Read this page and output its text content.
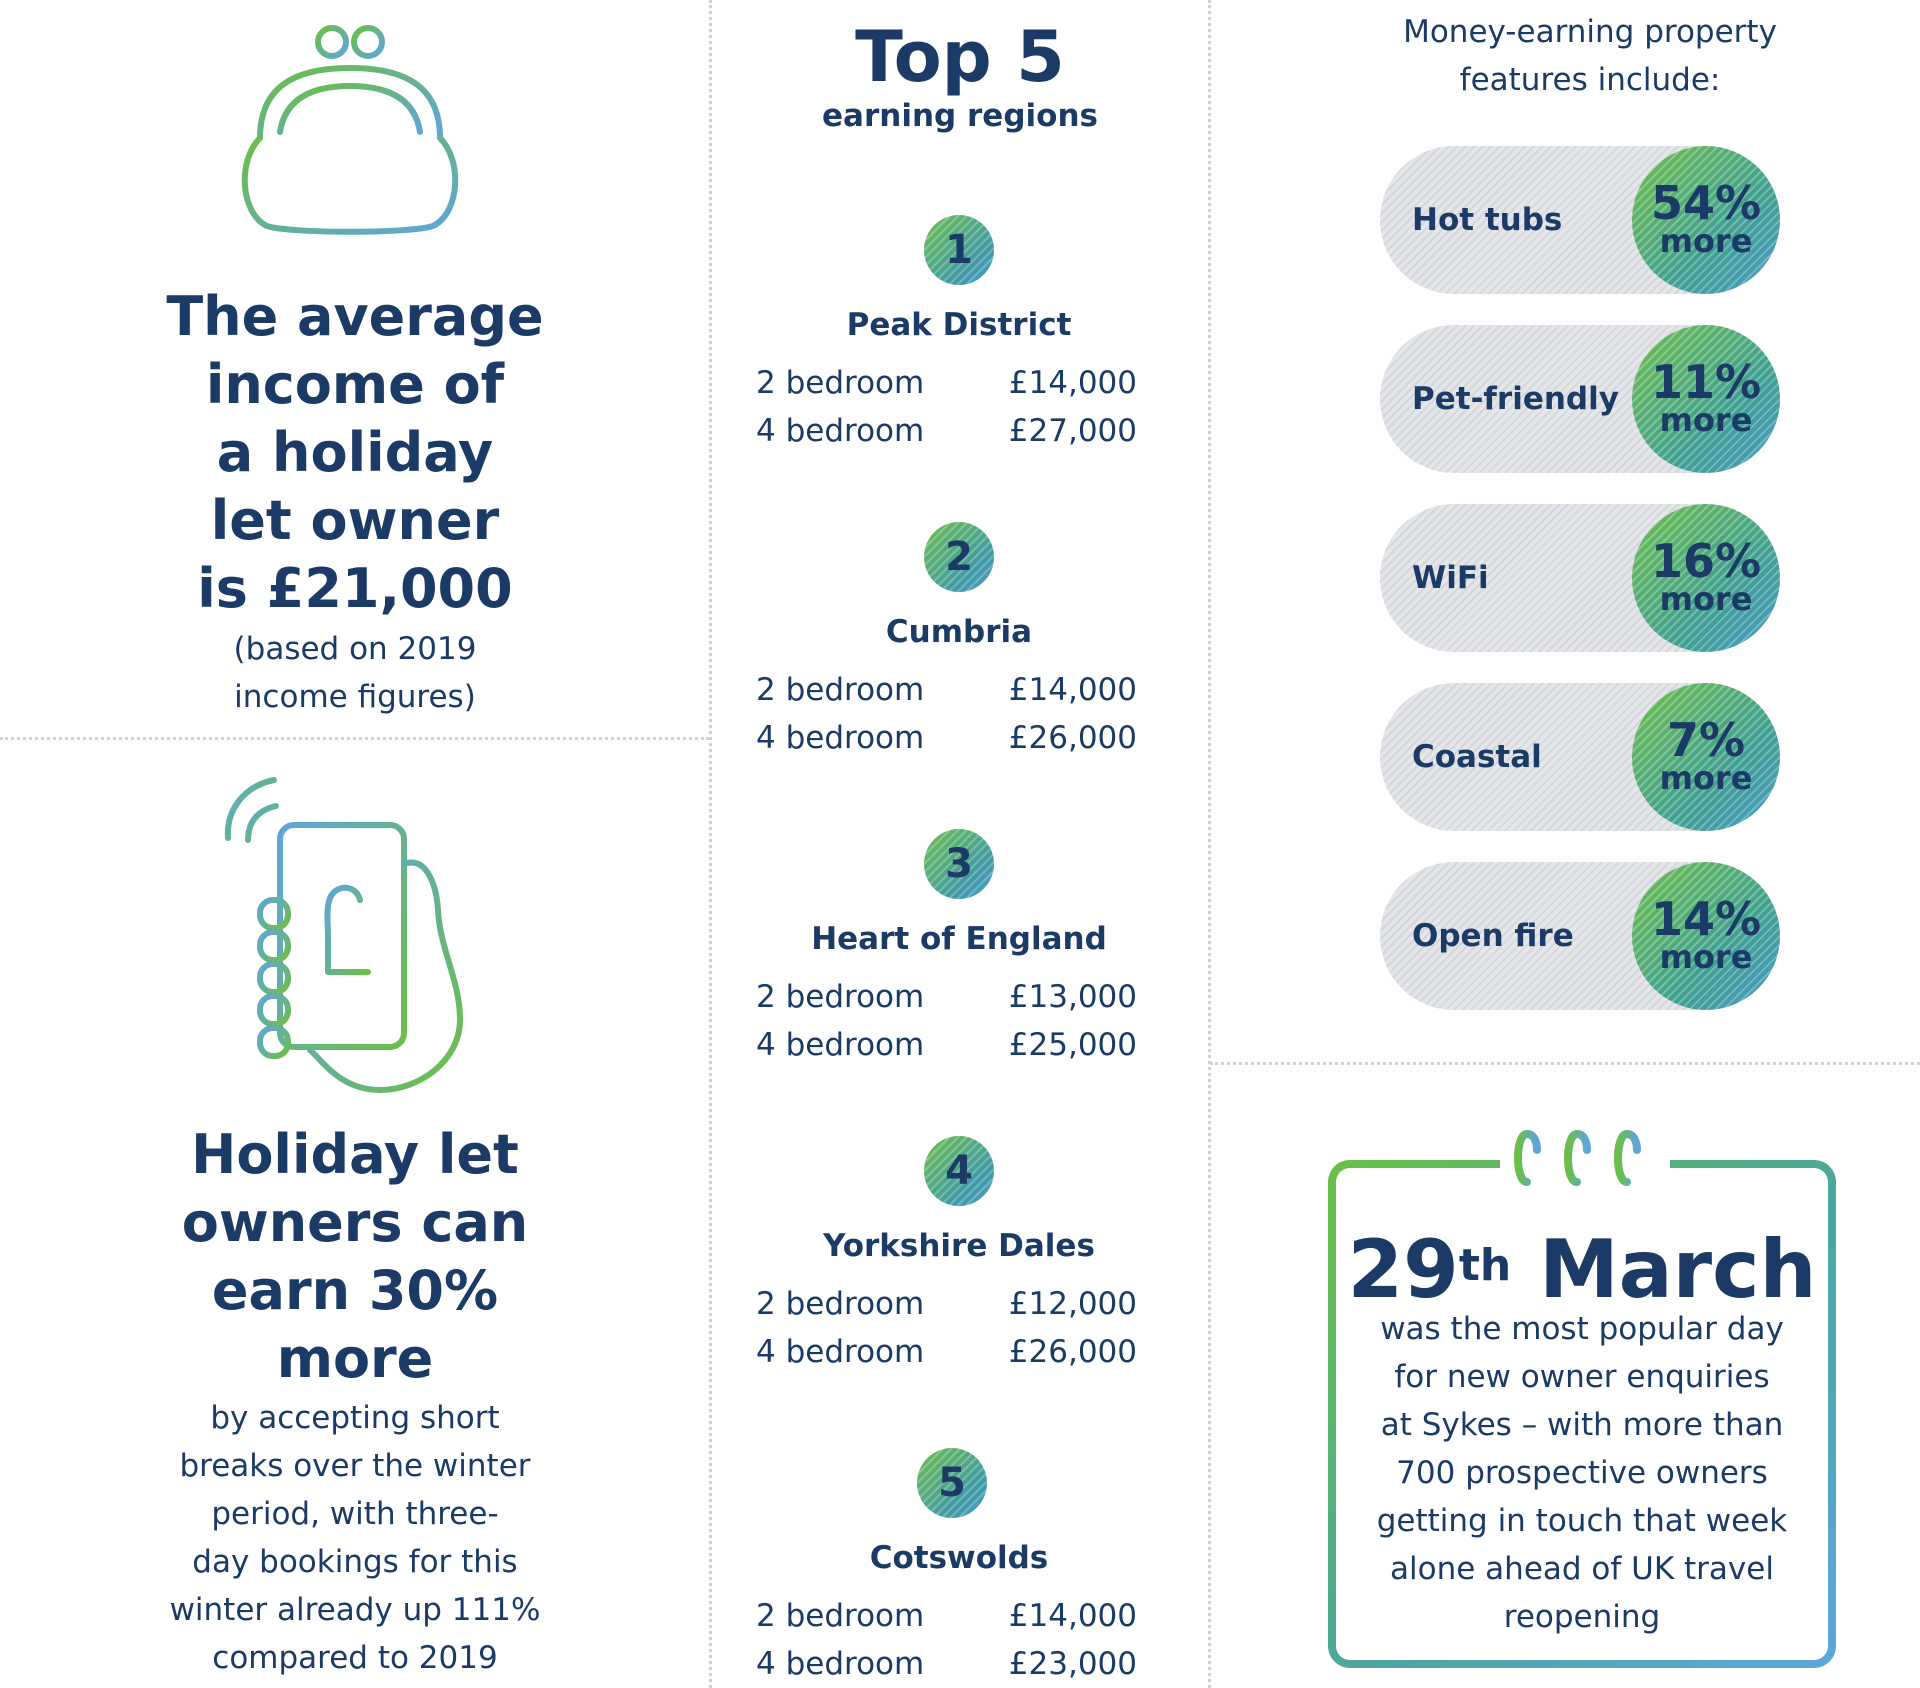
The average
income of
a holiday
let owner
is £21,000
(based on 2019
income figures)
Holiday let
owners can
earn 30%
more
by accepting short
breaks over the winter
period, with three-
day bookings for this
winter already up 111%
compared to 2019
Top 5
earning regions
1
Peak District
2 bedroom	£14,000
4 bedroom	£27,000
2
Cumbria
2 bedroom	£14,000
4 bedroom	£26,000
3
Heart of England
2 bedroom	£13,000
4 bedroom	£25,000
4
Yorkshire Dales
2 bedroom	£12,000
4 bedroom	£26,000
5
Cotswolds
2 bedroom	£14,000
4 bedroom	£23,000
Money-earning property
features include:
Hot tubs 54%
more
Pet-friendly 11%
more
WiFi	16%
more
Coastal	7%
more
Open fire 14%
more
29th March
was the most popular day
for new owner enquiries
at Sykes – with more than
700 prospective owners
getting in touch that week
alone ahead of UK travel
reopening
